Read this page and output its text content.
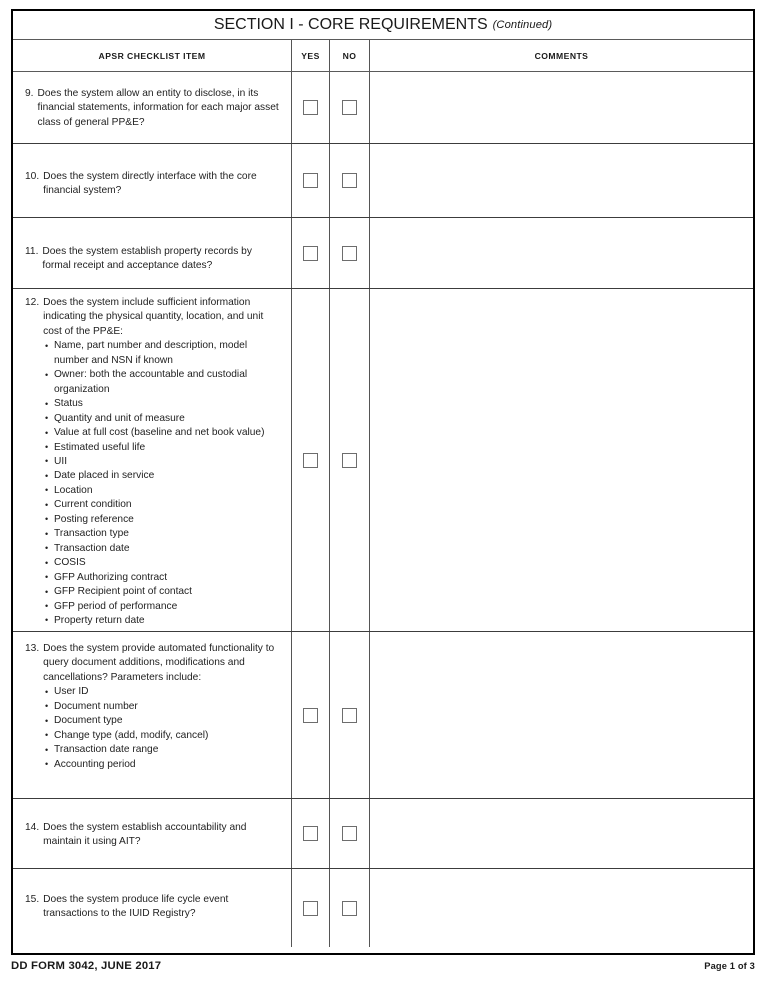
SECTION I - CORE REQUIREMENTS (Continued)
APSR CHECKLIST ITEM	YES	NO	COMMENTS
9. Does the system allow an entity to disclose, in its financial statements, information for each major asset class of general PP&E?
10. Does the system directly interface with the core financial system?
11. Does the system establish property records by formal receipt and acceptance dates?
12. Does the system include sufficient information indicating the physical quantity, location, and unit cost of the PP&E:
• Name, part number and description, model number and NSN if known
• Owner: both the accountable and custodial organization
• Status
• Quantity and unit of measure
• Value at full cost (baseline and net book value)
• Estimated useful life
• UII
• Date placed in service
• Location
• Current condition
• Posting reference
• Transaction type
• Transaction date
• COSIS
• GFP Authorizing contract
• GFP Recipient point of contact
• GFP period of performance
• Property return date
13. Does the system provide automated functionality to query document additions, modifications and cancellations? Parameters include:
• User ID
• Document number
• Document type
• Change type (add, modify, cancel)
• Transaction date range
• Accounting period
14. Does the system establish accountability and maintain it using AIT?
15. Does the system produce life cycle event transactions to the IUID Registry?
DD FORM 3042, JUNE 2017	Page 1 of 3
